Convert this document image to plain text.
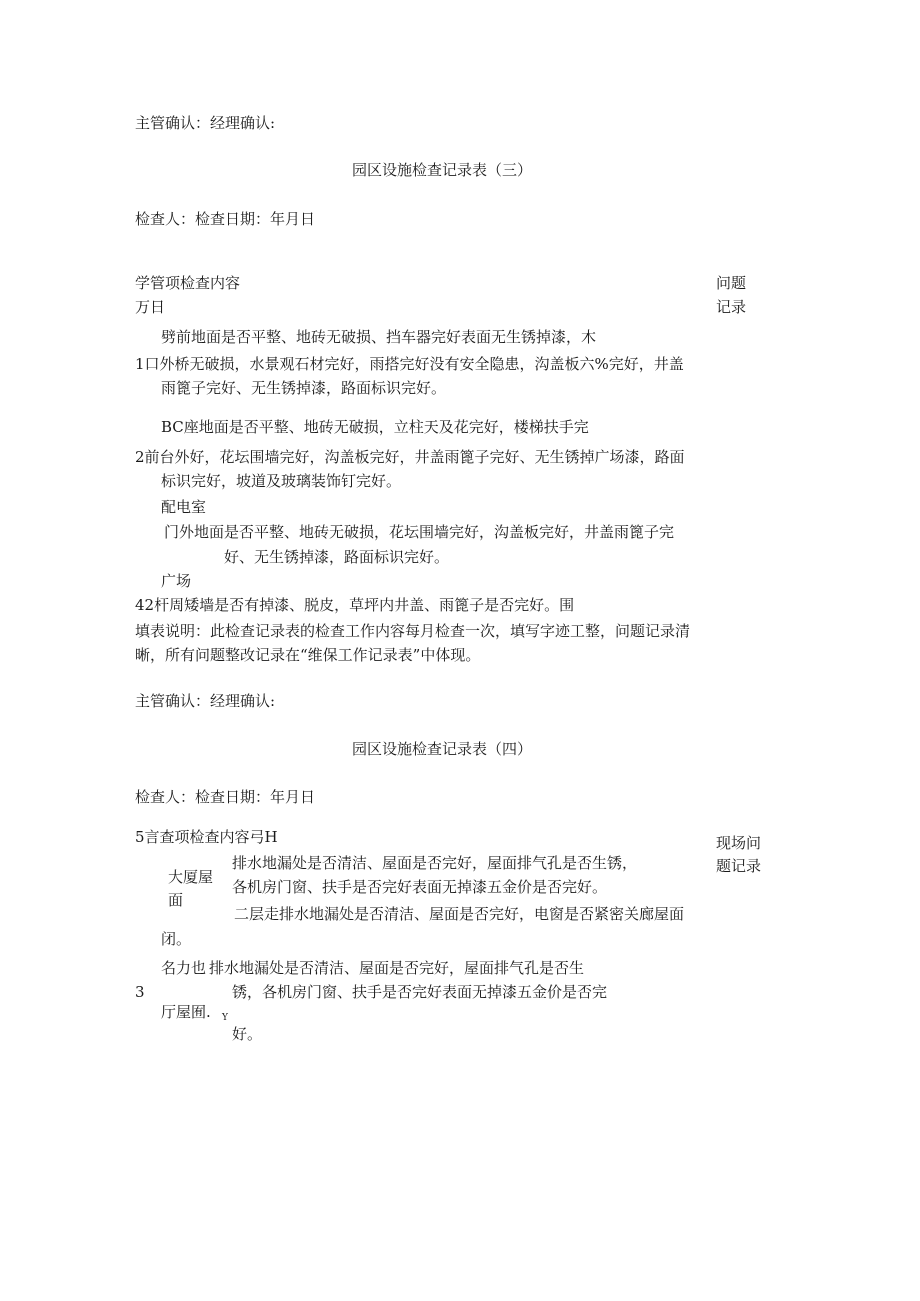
主管确认：经理确认:
园区设施检查记录表（三）
检查人：检查日期：年月日
学管项检查内容
万日
问题
记录
劈前地面是否平整、地砖无破损、挡车器完好表面无生锈掉漆，木
1口外桥无破损，水景观石材完好，雨搭完好没有安全隐患，沟盖板六%完好，井盖
雨篦子完好、无生锈掉漆，路面标识完好。
BC座地面是否平整、地砖无破损，立柱天及花完好，楼梯扶手完
2前台外好，花坛围墙完好，沟盖板完好，井盖雨篦子完好、无生锈掉广场漆，路面
标识完好，坡道及玻璃装饰钉完好。
配电室
门外地面是否平整、地砖无破损，花坛围墙完好，沟盖板完好，井盖雨篦子完
好、无生锈掉漆，路面标识完好。
广场
42杆周矮墙是否有掉漆、脱皮，草坪内井盖、雨篦子是否完好。围
填表说明：此检查记录表的检查工作内容每月检查一次，填写字迹工整，问题记录清
晰，所有问题整改记录在“维保工作记录表”中体现。
主管确认：经理确认:
园区设施检查记录表（四）
检查人：检查日期：年月日
5言查项检查内容弓H	现场问
题记录
大厦屋
面
排水地漏处是否清洁、屋面是否完好，屋面排气孔是否生锈，
各机房门窗、扶手是否完好表面无掉漆五金价是否完好。
二层走排水地漏处是否清洁、屋面是否完好，电窗是否紧密关廊屋面
闭。
名力也 排水地漏处是否清洁、屋面是否完好，屋面排气孔是否生
3	锈，各机房门窗、扶手是否完好表面无掉漆五金价是否完
厅屋囿. Y
好。
